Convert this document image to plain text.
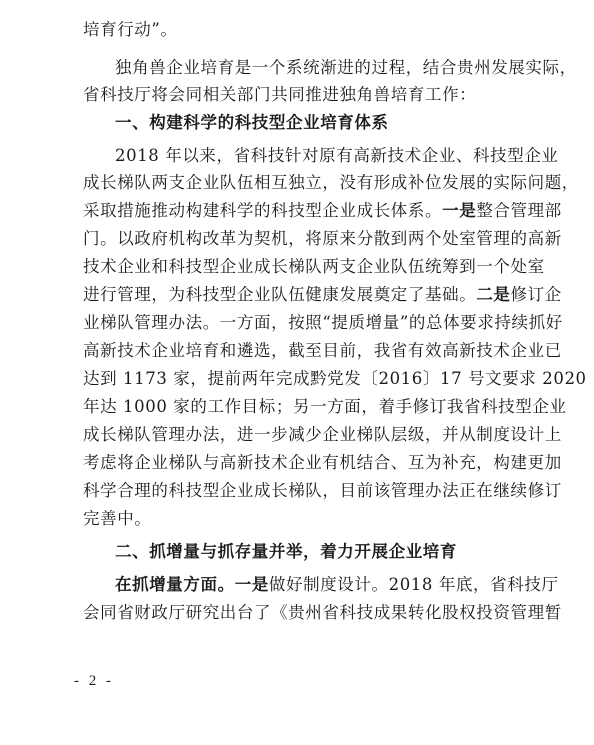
培育行动”。
独角兽企业培育是一个系统渐进的过程，结合贵州发展实际，
省科技厅将会同相关部门共同推进独角兽培育工作：
一、构建科学的科技型企业培育体系
2018 年以来，省科技针对原有高新技术企业、科技型企业
成长梯队两支企业队伍相互独立，没有形成补位发展的实际问题，
采取措施推动构建科学的科技型企业成长体系。一是整合管理部
门。以政府机构改革为契机，将原来分散到两个处室管理的高新
技术企业和科技型企业成长梯队两支企业队伍统筹到一个处室
进行管理，为科技型企业队伍健康发展奠定了基础。二是修订企
业梯队管理办法。一方面，按照“提质增量”的总体要求持续抓好
高新技术企业培育和遴选，截至目前，我省有效高新技术企业已
达到 1173 家，提前两年完成黔党发〔2016〕17 号文要求 2020
年达 1000 家的工作目标；另一方面，着手修订我省科技型企业
成长梯队管理办法，进一步减少企业梯队层级，并从制度设计上
考虑将企业梯队与高新技术企业有机结合、互为补充，构建更加
科学合理的科技型企业成长梯队，目前该管理办法正在继续修订
完善中。
二、抓增量与抓存量并举，着力开展企业培育
在抓增量方面。一是做好制度设计。2018 年底，省科技厅
会同省财政厅研究出台了《贵州省科技成果转化股权投资管理暂
- 2 -
